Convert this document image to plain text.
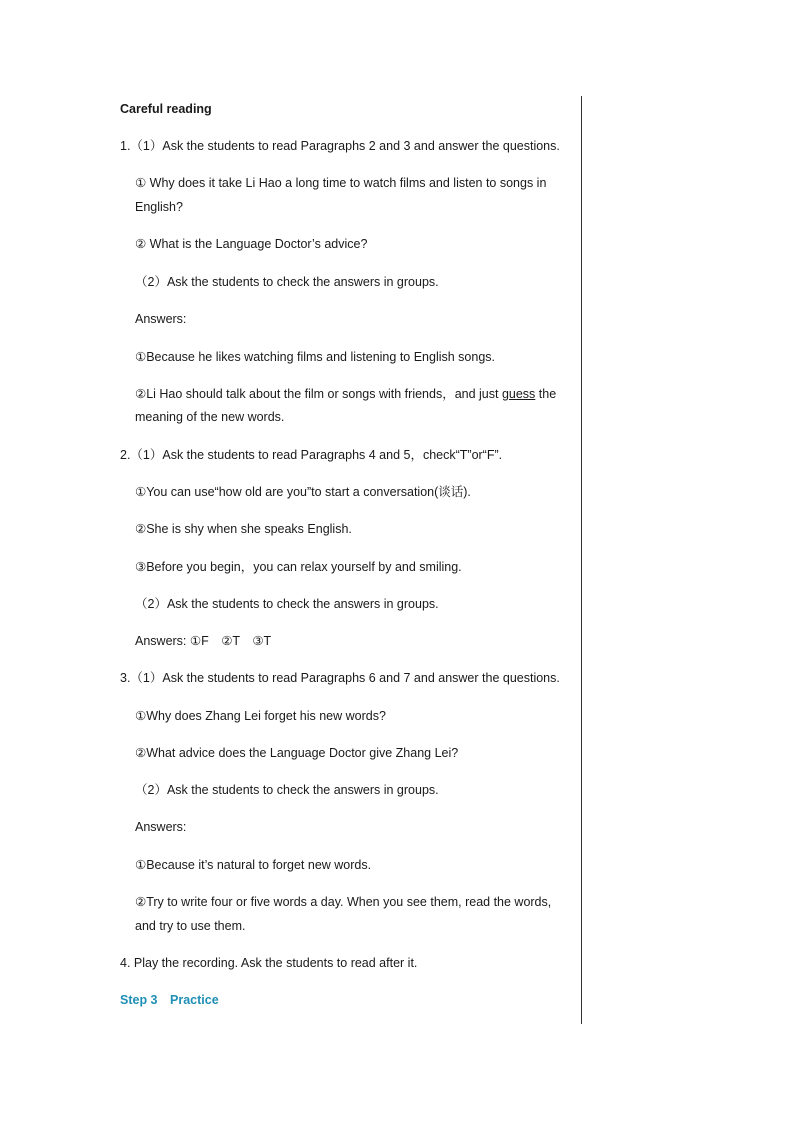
Careful reading
1.（1）Ask the students to read Paragraphs 2 and 3 and answer the questions.
① Why does it take Li Hao a long time to watch films and listen to songs in
English?
② What is the Language Doctor’s advice?
（2）Ask the students to check the answers in groups.
Answers:
①Because he likes watching films and listening to English songs.
②Li Hao should talk about the film or songs with friends，and just guess the
meaning of the new words.
2.（1）Ask the students to read Paragraphs 4 and 5，check“T”or“F”.
①You can use“how old are you”to start a conversation(谈话).
②She is shy when she speaks English.
③Before you begin，you can relax yourself by and smiling.
（2）Ask the students to check the answers in groups.
Answers: ①F　②T　③T
3.（1）Ask the students to read Paragraphs 6 and 7 and answer the questions.
①Why does Zhang Lei forget his new words?
②What advice does the Language Doctor give Zhang Lei?
（2）Ask the students to check the answers in groups.
Answers:
①Because it’s natural to forget new words.
②Try to write four or five words a day. When you see them, read the words,
and try to use them.
4. Play the recording. Ask the students to read after it.
Step 3　Practice
